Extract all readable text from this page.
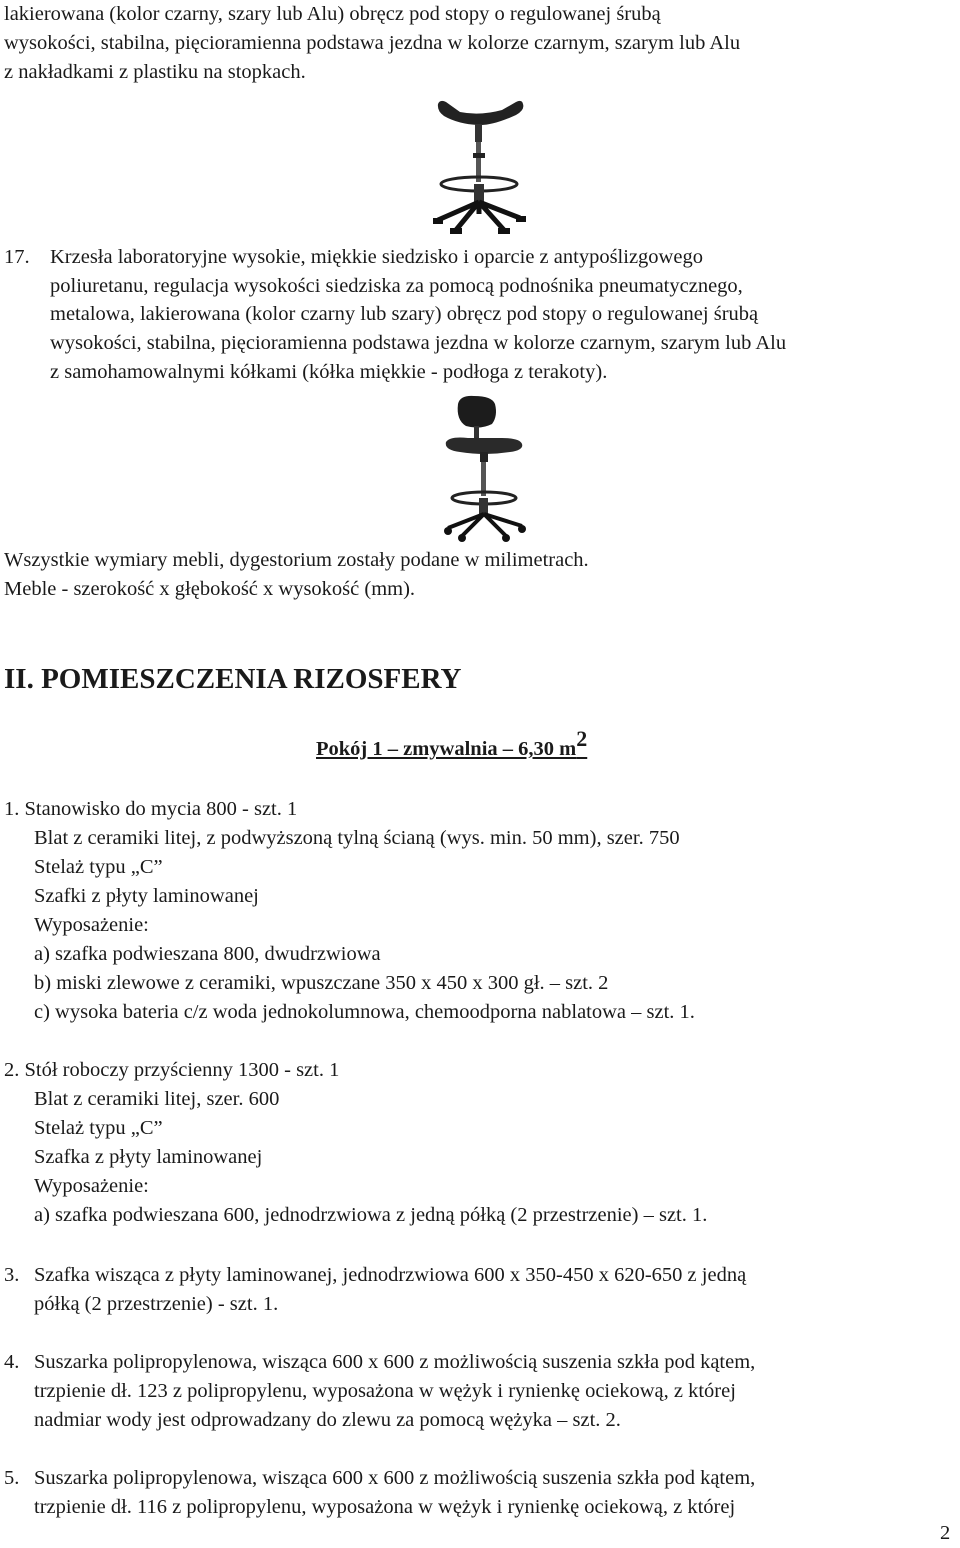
lakierowana (kolor czarny, szary lub Alu) obręcz pod stopy o regulowanej śrubą
wysokości, stabilna, pięcioramienna podstawa jezdna w kolorze czarnym, szarym lub Alu
z nakładkami z plastiku na stopkach.
17. Krzesła laboratoryjne wysokie, miękkie siedzisko i oparcie z antypoślizgowego
poliuretanu, regulacja wysokości siedziska za pomocą podnośnika pneumatycznego,
metalowa, lakierowana (kolor czarny lub szary) obręcz pod stopy o regulowanej śrubą
wysokości, stabilna, pięcioramienna podstawa jezdna w kolorze czarnym, szarym lub Alu
z samohamowalnymi kółkami (kółka miękkie - podłoga z terakoty).
Wszystkie wymiary mebli, dygestorium zostały podane w milimetrach.
Meble - szerokość x głębokość x wysokość (mm).
II. POMIESZCZENIA RIZOSFERY
Pokój 1 – zmywalnia – 6,30 $m^2$
1. Stanowisko do mycia 800 - szt. 1
Blat z ceramiki litej, z podwyższoną tylną ścianą (wys. min. 50 mm), szer. 750
Stelaż typu „C”
Szafki z płyty laminowanej
Wyposażenie:
a) szafka podwieszana 800, dwudrzwiowa
b) miski zlewowe z ceramiki, wpuszczane 350 x 450 x 300 gł. – szt. 2
c) wysoka bateria c/z woda jednokolumnowa, chemoodporna nablatowa – szt. 1.
2. Stół roboczy przyścienny 1300 - szt. 1
Blat z ceramiki litej, szer. 600
Stelaż typu „C”
Szafka z płyty laminowanej
Wyposażenie:
a) szafka podwieszana 600, jednodrzwiowa z jedną półką (2 przestrzenie) – szt. 1.
3. Szafka wisząca z płyty laminowanej, jednodrzwiowa 600 x 350-450 x 620-650 z jedną
półką (2 przestrzenie) - szt. 1.
4. Suszarka polipropylenowa, wisząca 600 x 600 z możliwością suszenia szkła pod kątem,
trzpienie dł. 123 z polipropylenu, wyposażona w wężyk i rynienkę ociekową, z której
nadmiar wody jest odprowadzany do zlewu za pomocą wężyka – szt. 2.
5. Suszarka polipropylenowa, wisząca 600 x 600 z możliwością suszenia szkła pod kątem,
trzpienie dł. 116 z polipropylenu, wyposażona w wężyk i rynienkę ociekową, z której
2
